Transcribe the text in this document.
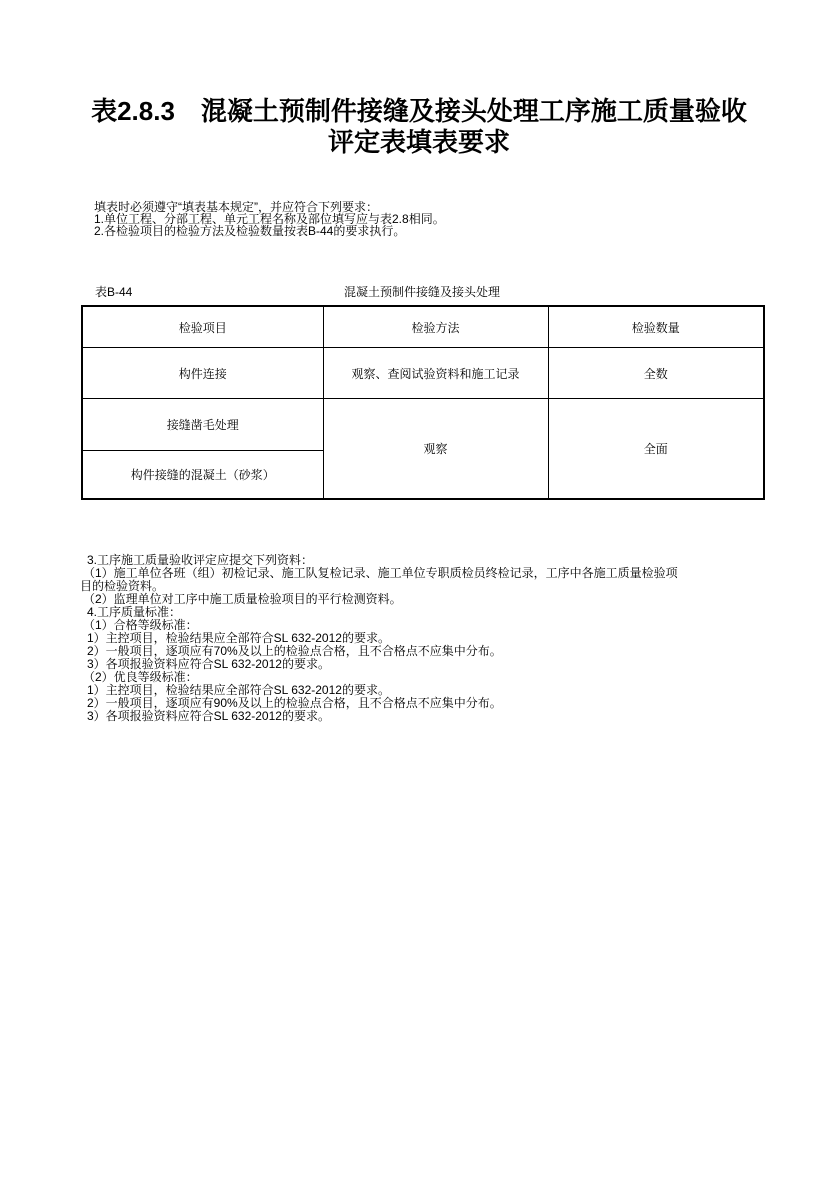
表2.8.3　混凝土预制件接缝及接头处理工序施工质量验收
评定表填表要求
填表时必须遵守“填表基本规定”，并应符合下列要求：
1.单位工程、分部工程、单元工程名称及部位填写应与表2.8相同。
2.各检验项目的检验方法及检验数量按表B-44的要求执行。
表B-44	混凝土预制件接缝及接头处理
检验项目	检验方法	检验数量
构件连接	观察、查阅试验资料和施工记录	全数
接缝凿毛处理	观察	全面
构件接缝的混凝土（砂浆）		
3.工序施工质量验收评定应提交下列资料：
（1）施工单位各班（组）初检记录、施工队复检记录、施工单位专职质检员终检记录，工序中各施工质量检验项目的检验资料。
（2）监理单位对工序中施工质量检验项目的平行检测资料。
4.工序质量标准：
（1）合格等级标准：
1）主控项目，检验结果应全部符合SL 632-2012的要求。
2）一般项目，逐项应有70%及以上的检验点合格，且不合格点不应集中分布。
3）各项报验资料应符合SL 632-2012的要求。
（2）优良等级标准：
1）主控项目，检验结果应全部符合SL 632-2012的要求。
2）一般项目，逐项应有90%及以上的检验点合格，且不合格点不应集中分布。
3）各项报验资料应符合SL 632-2012的要求。
